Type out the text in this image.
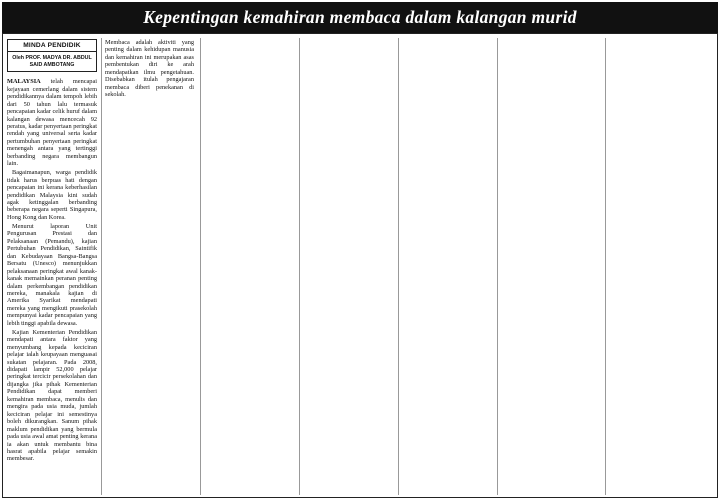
Kepentingan kemahiran membaca dalam kalangan murid
MINDA PENDIDIK
Oleh PROF. MADYA DR. ABDUL SAID AMBOTANG

MALAYSIA telah mencapai kejayaan cemerlang dalam sistem pendidikannya dalam tempoh lebih dari 50 tahun lalu termasuk pencapaian kadar celik huruf dalam kalangan dewasa mencecah 92 peratus, kadar penyertaan peringkat rendah yang universal serta kadar pertumbuhan penyertaan peringkat menengah antara yang tertinggi berbanding negara membangun lain.

Bagaimanapun, warga pendidik tidak harus berpuas hati dengan pencapaian ini kerana keberhasilan pendidikan Malaysia kini sudah agak ketinggalan berbanding beberapa negara seperti Singapura, Hong Kong dan Korea.

Menurut laporan Unit Pengurusan Prestasi dan Pelaksanaan (Pemandu), kajian Pertubuhan Pendidikan, Saintifik dan Kebudayaan Bangsa-Bangsa Bersatu (Unesco) menunjukkan pelaksanaan peringkat awal kanak-kanak memainkan peranan penting dalam perkembangan pendidikan mereka, manakala kajian di Amerika Syarikat mendapati mereka yang mengikuti prasekolah mempunyai kadar pencapaian yang lebih tinggi apabila dewasa.

Kajian Kementerian Pendidikan mendapati antara faktor yang menyumbang kepada keciciran pelajar ialah keupayaan menguasai sukatan pelajaran. Pada 2008, didapati lampir 52,000 pelajar peringkat tercicir persekolahan dan dijangka jika pihak Kementerian Pendidikan dapat memberi kemahiran membaca, menulis dan mengira pada usia muda, jumlah keciciran pelajar ini semestinya boleh dikurangkan. Sanum pihak maklum pendidikan yang bermula pada usia awal amat penting kerana ia akan untuk membantu bina hasrat apabila pelajar semakin membesar.

Membaca adalah aktiviti yang penting dalam kehidupan manusia dan kemahiran ini merupakan asas pembentukan diri ke arah mendapatkan ilmu pengetahuan. Disebabkan itulah pengajaran membaca diberi penekanan di sekolah.
